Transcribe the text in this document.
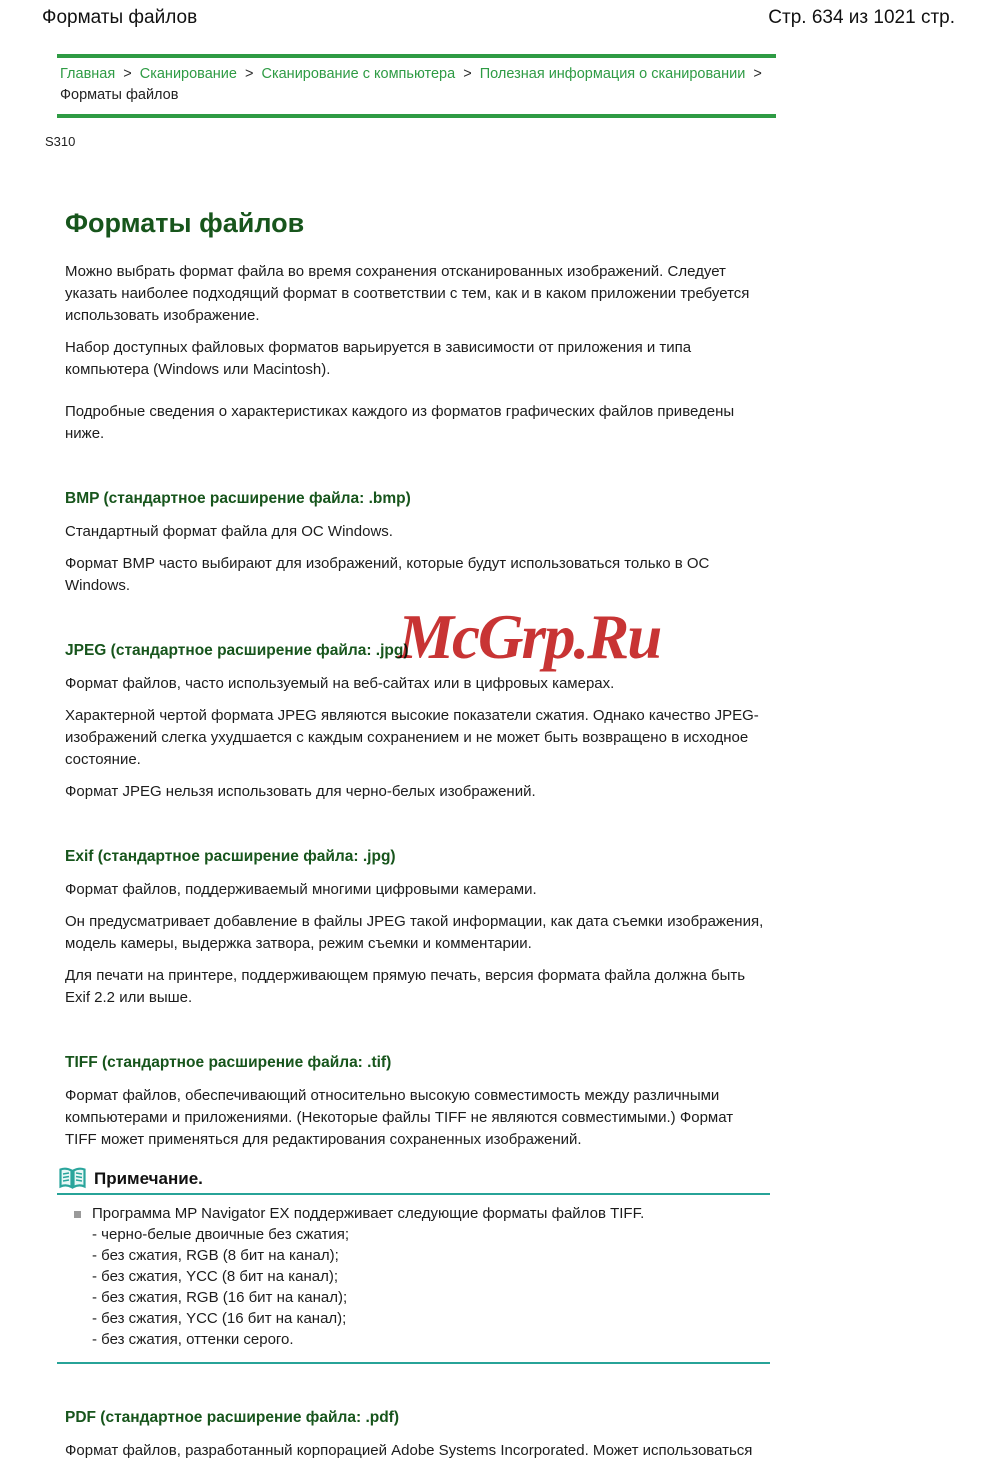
Форматы файлов	Стр. 634 из 1021 стр.
Главная > Сканирование > Сканирование с компьютера > Полезная информация о сканировании >
Форматы файлов
S310
Форматы файлов

Можно выбрать формат файла во время сохранения отсканированных изображений. Следует указать наиболее подходящий формат в соответствии с тем, как и в каком приложении требуется использовать изображение.

Набор доступных файловых форматов варьируется в зависимости от приложения и типа компьютера (Windows или Macintosh).

Подробные сведения о характеристиках каждого из форматов графических файлов приведены ниже.

BMP (стандартное расширение файла: .bmp)

Стандартный формат файла для ОС Windows.

Формат BMP часто выбирают для изображений, которые будут использоваться только в ОС Windows.

JPEG (стандартное расширение файла: .jpg)

Формат файлов, часто используемый на веб-сайтах или в цифровых камерах.

Характерной чертой формата JPEG являются высокие показатели сжатия. Однако качество JPEG-изображений слегка ухудшается с каждым сохранением и не может быть возвращено в исходное состояние.

Формат JPEG нельзя использовать для черно-белых изображений.

Exif (стандартное расширение файла: .jpg)

Формат файлов, поддерживаемый многими цифровыми камерами.

Он предусматривает добавление в файлы JPEG такой информации, как дата съемки изображения, модель камеры, выдержка затвора, режим съемки и комментарии.

Для печати на принтере, поддерживающем прямую печать, версия формата файла должна быть Exif 2.2 или выше.

TIFF (стандартное расширение файла: .tif)

Формат файлов, обеспечивающий относительно высокую совместимость между различными компьютерами и приложениями. (Некоторые файлы TIFF не являются совместимыми.) Формат TIFF может применяться для редактирования сохраненных изображений.

Примечание.
Программа MP Navigator EX поддерживает следующие форматы файлов TIFF.
- черно-белые двоичные без сжатия;
- без сжатия, RGB (8 бит на канал);
- без сжатия, YCC (8 бит на канал);
- без сжатия, RGB (16 бит на канал);
- без сжатия, YCC (16 бит на канал);
- без сжатия, оттенки серого.
PDF (стандартное расширение файла: .pdf)

Формат файлов, разработанный корпорацией Adobe Systems Incorporated. Может использоваться

McGrp.Ru
